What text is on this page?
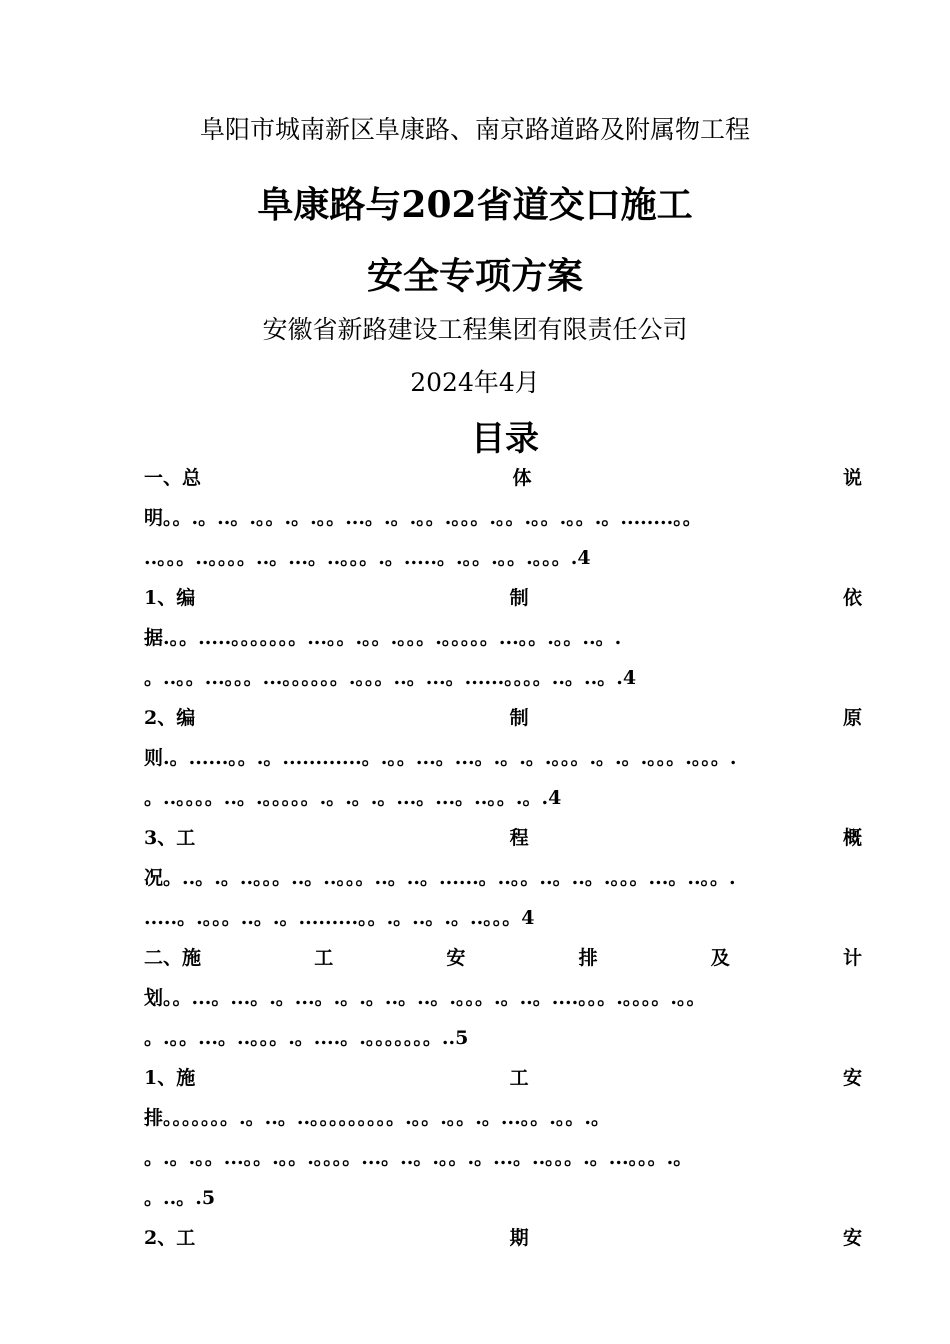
阜阳市城南新区阜康路、南京路道路及附属物工程
阜康路与202省道交口施工
安全专项方案
安徽省新路建设工程集团有限责任公司
2024年4月
目录
一、总	体	说
明。。.。..。.。。.。.。。...。.。.。。.。。。.。。.。。.。。.。........。。
..。。。..。。。。..。...。..。。。.。.....。.。。.。。.。。。.4
1、编	制	依
据.。。.....。。。。。。。...。。.。。.。。。.。。。。。...。。.。。..。.
。..。。...。。。...。。。。。。.。。。..。...。......。。。。..。..。.4
2、编	制	原
则.。......。。.。............。.。。...。...。.。.。.。。。.。.。.。。。.。。。.
。..。。。。..。.。。。。。.。.。.。...。...。..。。.。.4
3、工	程	概
况。..。.。..。。。..。..。。。..。..。......。..。。..。..。.。。。...。..。。.
.....。.。。。..。.。.........。。.。..。.。..。。。4
二、施	工	安	排	及	计
划。。...。...。.。...。.。.。..。..。.。。。.。..。....。。。.。。。。.。。
。.。。...。..。。。.。....。.。。。。。。。..5
1、施	工	安
排。。。。。。。.。..。..。。。。。。。。。.。。.。。.。...。。.。。.。
。.。.。。...。。.。。.。。。。...。..。.。。.。...。..。。。.。...。。。.。
。..。.5
2、工	期	安
